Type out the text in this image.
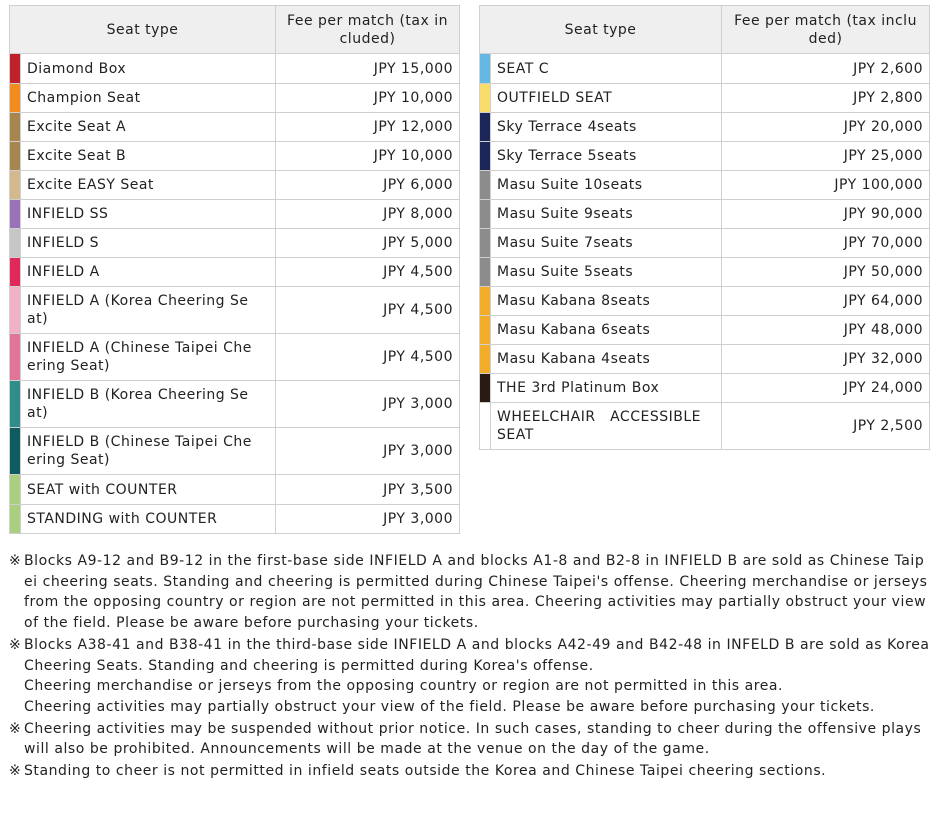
Seat type		Fee per match (tax in cluded)
	Diamond Box	JPY 15,000
	Champion Seat	JPY 10,000
	Excite Seat A	JPY 12,000
	Excite Seat B	JPY 10,000
	Excite EASY Seat	JPY 6,000
	INFIELD SS	JPY 8,000
	INFIELD S	JPY 5,000
	INFIELD A	JPY 4,500
	INFIELD A (Korea Cheering Se at)	JPY 4,500
	INFIELD A (Chinese Taipei Che ering Seat)	JPY 4,500
	INFIELD B (Korea Cheering Se at)	JPY 3,000
	INFIELD B (Chinese Taipei Che ering Seat)	JPY 3,000
	SEAT with COUNTER	JPY 3,500
	STANDING with COUNTER	JPY 3,000
Seat type		Fee per match (tax inclu ded)
	SEAT C	JPY 2,600
	OUTFIELD SEAT	JPY 2,800
	Sky Terrace 4seats	JPY 20,000
	Sky Terrace 5seats	JPY 25,000
	Masu Suite 10seats	JPY 100,000
	Masu Suite 9seats	JPY 90,000
	Masu Suite 7seats	JPY 70,000
	Masu Suite 5seats	JPY 50,000
	Masu Kabana 8seats	JPY 64,000
	Masu Kabana 6seats	JPY 48,000
	Masu Kabana 4seats	JPY 32,000
	THE 3rd Platinum Box	JPY 24,000
	WHEELCHAIR　ACCESSIBLE SEAT	JPY 2,500
※ Blocks A9-12 and B9-12 in the first-base side INFIELD A and blocks A1-8 and B2-8 in INFIELD B are sold as Chinese Taipei cheering seats. Standing and cheering is permitted during Chinese Taipei's offense. Cheering merchandise or jerseys from the opposing country or region are not permitted in this area. Cheering activities may partially obstruct your view of the field. Please be aware before purchasing your tickets.

※ Blocks A38-41 and B38-41 in the third-base side INFIELD A and blocks A42-49 and B42-48 in INFELD B are sold as Korea Cheering Seats. Standing and cheering is permitted during Korea's offense.

Cheering merchandise or jerseys from the opposing country or region are not permitted in this area.

Cheering activities may partially obstruct your view of the field. Please be aware before purchasing your tickets.

※ Cheering activities may be suspended without prior notice. In such cases, standing to cheer during the offensive plays will also be prohibited. Announcements will be made at the venue on the day of the game.

※ Standing to cheer is not permitted in infield seats outside the Korea and Chinese Taipei cheering sections.
